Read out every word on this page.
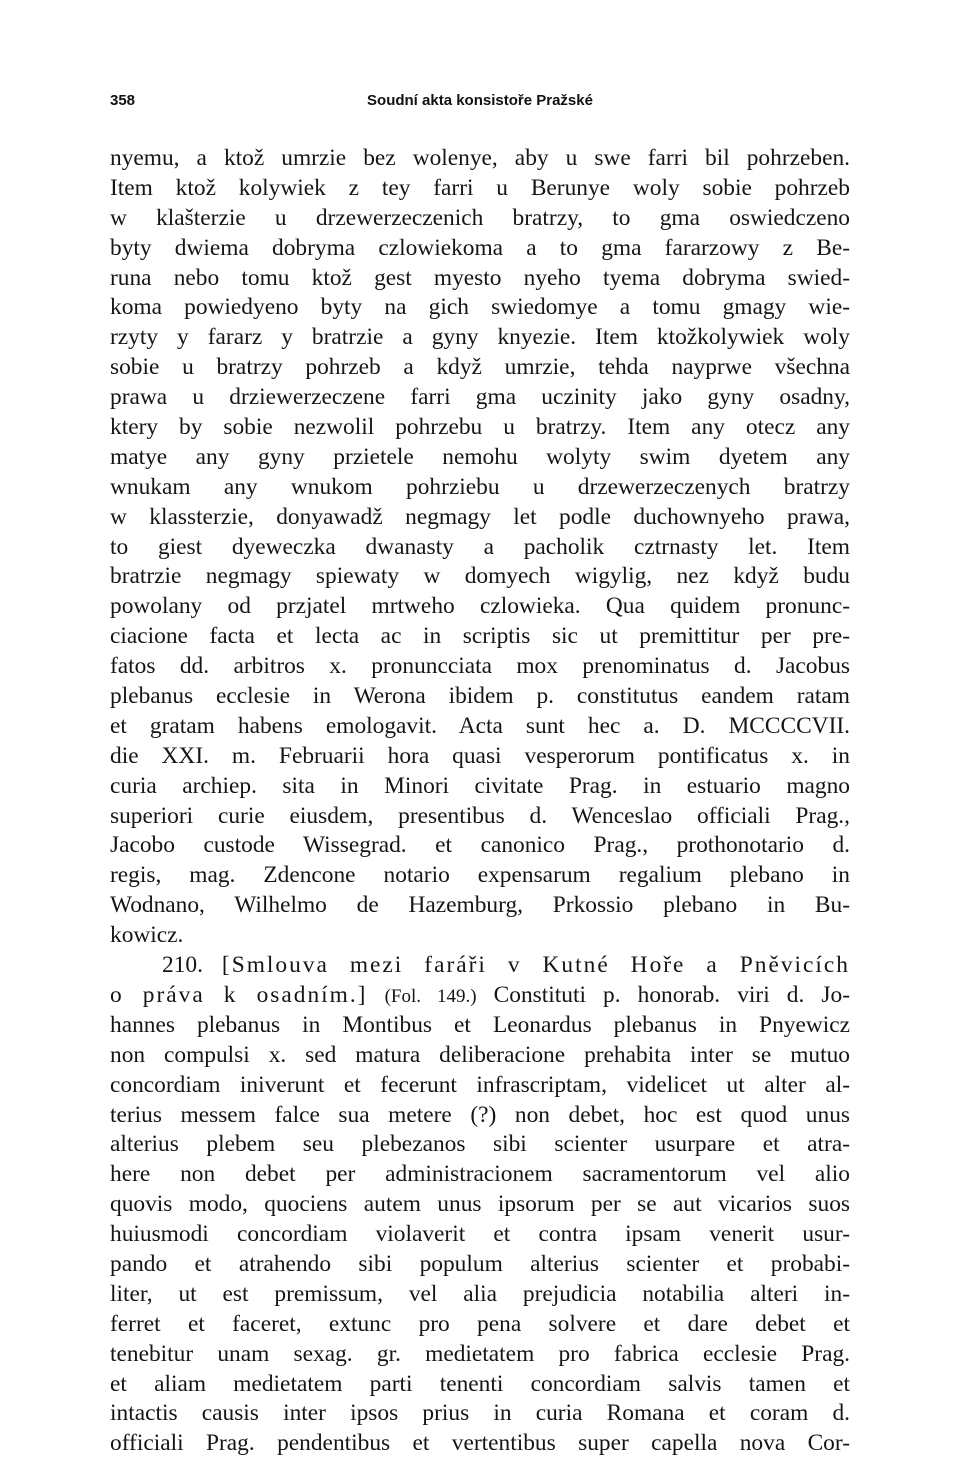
358	Soudní akta konsistoře Pražské
nyemu, a ktož umrzie bez wolenye, aby u swe farri bil pohrzeben.
Item ktož kolywiek z tey farri u Berunye woly sobie pohrzeb
w klašterzie u drzewerzeczenich bratrzy, to gma oswiedczeno
byty dwiema dobryma czlowiekoma a to gma fararzowy z Be-
runa nebo tomu ktož gest myesto nyeho tyema dobryma swied-
koma powiedyeno byty na gich swiedomye a tomu gmagy wie-
rzyty y fararz y bratrzie a gyny knyezie. Item ktožkolywiek woly
sobie u bratrzy pohrzeb a když umrzie, tehda nayprwe všechna
prawa u drziewerzeczene farri gma uczinity jako gyny osadny,
ktery by sobie nezwolil pohrzebu u bratrzy. Item any otecz any
matye any gyny przietele nemohu wolyty swim dyetem any
wnukam any wnukom pohrziebu u drzewerzeczenych bratrzy
w klassterzie, donyawadž negmagy let podle duchownyeho prawa,
to giest dyeweczka dwanasty a pacholik cztrnasty let. Item
bratrzie negmagy spiewaty w domyech wigylig, nez když budu
powolany od przjatel mrtweho czlowieka. Qua quidem pronunc-
ciacione facta et lecta ac in scriptis sic ut premittitur per pre-
fatos dd. arbitros x. pronuncciata mox prenominatus d. Jacobus
plebanus ecclesie in Werona ibidem p. constitutus eandem ratam
et gratam habens emologavit. Acta sunt hec a. D. MCCCCVII.
die XXI. m. Februarii hora quasi vesperorum pontificatus x. in
curia archiep. sita in Minori civitate Prag. in estuario magno
superiori curie eiusdem, presentibus d. Wenceslao officiali Prag.,
Jacobo custode Wissegrad. et canonico Prag., prothonotario d.
regis, mag. Zdencone notario expensarum regalium plebano in
Wodnano, Wilhelmo de Hazemburg, Prkossio plebano in Bu-
kowicz.
210. [Smlouva mezi faráři v Kutné Hoře a Pněvicích
o práva k osadním.] (Fol. 149.) Constituti p. honorab. viri d. Jo-
hannes plebanus in Montibus et Leonardus plebanus in Pnyewicz
non compulsi x. sed matura deliberacione prehabita inter se mutuo
concordiam iniverunt et fecerunt infrascriptam, videlicet ut alter al-
terius messem falce sua metere (?) non debet, hoc est quod unus
alterius plebem seu plebezanos sibi scienter usurpare et atra-
here non debet per administracionem sacramentorum vel alio
quovis modo, quociens autem unus ipsorum per se aut vicarios suos
huiusmodi concordiam violaverit et contra ipsam venerit usur-
pando et atrahendo sibi populum alterius scienter et probabi-
liter, ut est premissum, vel alia prejudicia notabilia alteri in-
ferret et faceret, extunc pro pena solvere et dare debet et
tenebitur unam sexag. gr. medietatem pro fabrica ecclesie Prag.
et aliam medietatem parti tenenti concordiam salvis tamen et
intactis causis inter ipsos prius in curia Romana et coram d.
officiali Prag. pendentibus et vertentibus super capella nova Cor-
